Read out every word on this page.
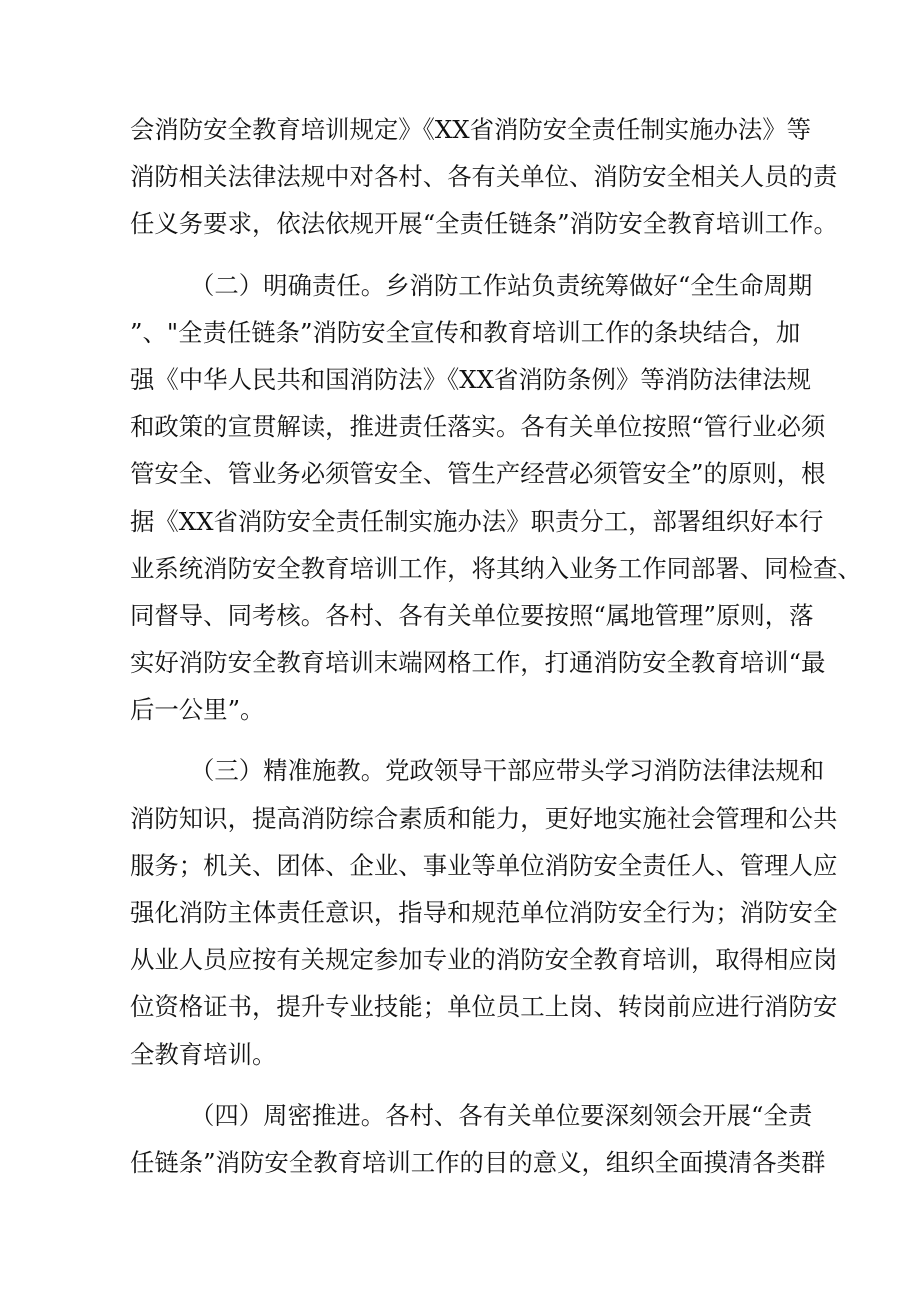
会消防安全教育培训规定》《XX省消防安全责任制实施办法》等
消防相关法律法规中对各村、各有关单位、消防安全相关人员的责
任义务要求，依法依规开展“全责任链条”消防安全教育培训工作。
（二）明确责任。乡消防工作站负责统筹做好“全生命周期
”、"全责任链条”消防安全宣传和教育培训工作的条块结合，加
强《中华人民共和国消防法》《XX省消防条例》等消防法律法规
和政策的宣贯解读，推进责任落实。各有关单位按照“管行业必须
管安全、管业务必须管安全、管生产经营必须管安全”的原则，根
据《XX省消防安全责任制实施办法》职责分工，部署组织好本行
业系统消防安全教育培训工作，将其纳入业务工作同部署、同检查、
同督导、同考核。各村、各有关单位要按照“属地管理”原则，落
实好消防安全教育培训末端网格工作，打通消防安全教育培训“最
后一公里”。
（三）精准施教。党政领导干部应带头学习消防法律法规和
消防知识，提高消防综合素质和能力，更好地实施社会管理和公共
服务；机关、团体、企业、事业等单位消防安全责任人、管理人应
强化消防主体责任意识，指导和规范单位消防安全行为；消防安全
从业人员应按有关规定参加专业的消防安全教育培训，取得相应岗
位资格证书，提升专业技能；单位员工上岗、转岗前应进行消防安
全教育培训。
（四）周密推进。各村、各有关单位要深刻领会开展“全责
任链条”消防安全教育培训工作的目的意义，组织全面摸清各类群
